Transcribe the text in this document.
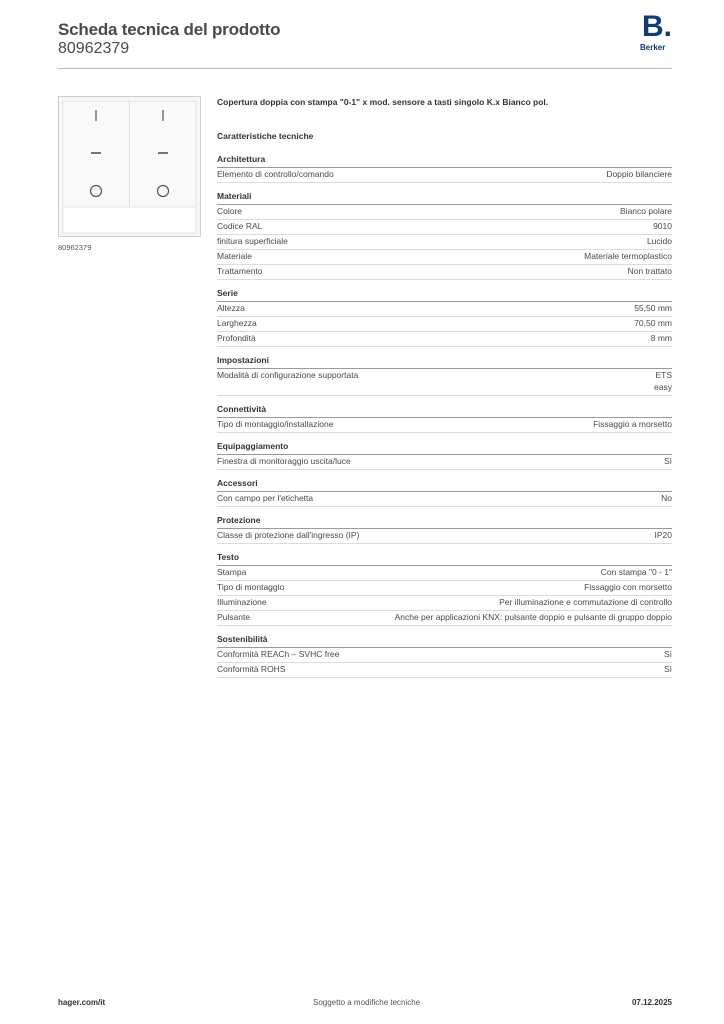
Scheda tecnica del prodotto
80962379
B.
Berker
80962379
Copertura doppia con stampa "0-1" x mod. sensore a tasti singolo K.x Bianco pol.
Caratteristiche tecniche
Architettura
Elemento di controllo/comando	Doppio bilanciere
Materiali
Colore	Bianco polare
Codice RAL	9010
finitura superficiale	Lucido
Materiale	Materiale termoplastico
Trattamento	Non trattato
Serie
Altezza	55,50 mm
Larghezza	70,50 mm
Profondità	8 mm
Impostazioni
Modalità di configurazione supportata	ETS
easy
Connettività
Tipo di montaggio/installazione	Fissaggio a morsetto
Equipaggiamento
Finestra di monitoraggio uscita/luce	Sì
Accessori
Con campo per l'etichetta	No
Protezione
Classe di protezione dall'ingresso (IP)	IP20
Testo
Stampa	Con stampa "0 - 1"
Tipo di montaggio	Fissaggio con morsetto
Illuminazione	Per illuminazione e commutazione di controllo
Pulsante	Anche per applicazioni KNX: pulsante doppio e pulsante di gruppo doppio
Sostenibilità
Conformità REACh – SVHC free	Sì
Conformità ROHS	Sì
hager.com/it	Soggetto a modifiche tecniche	07.12.2025
